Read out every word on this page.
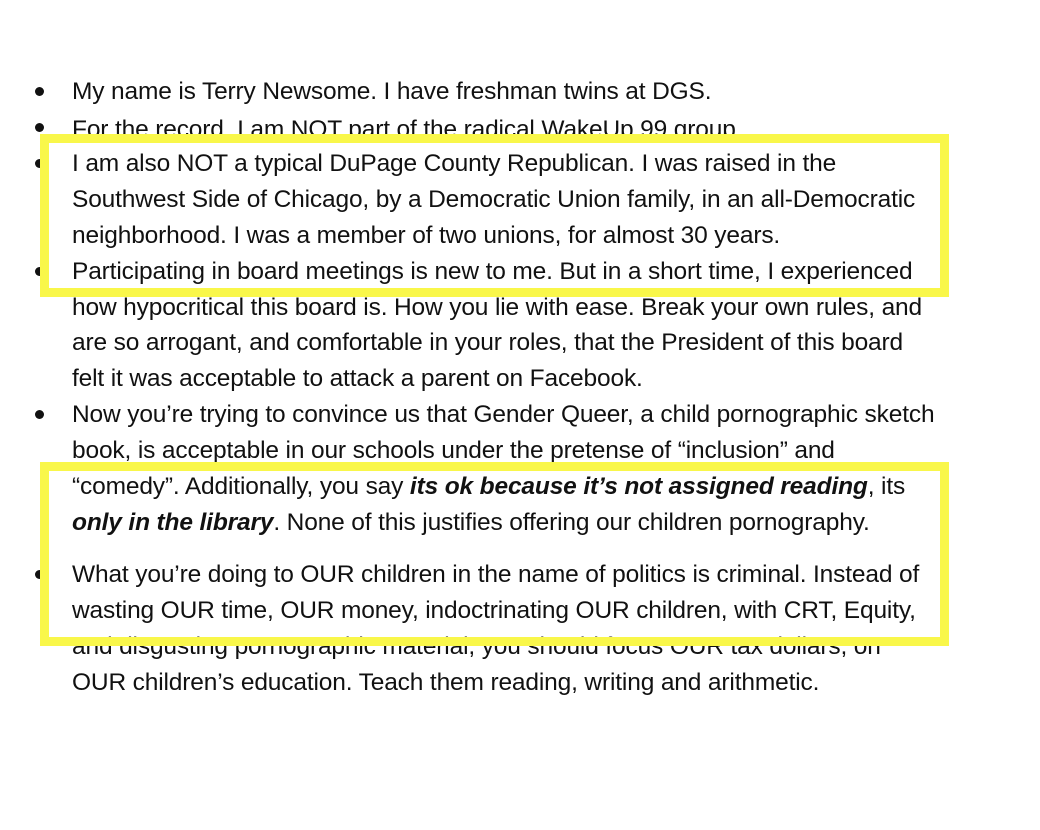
My name is Terry Newsome. I have freshman twins at DGS.
For the record, I am NOT part of the radical WakeUp 99 group.
I am also NOT a typical DuPage County Republican. I was raised in the Southwest Side of Chicago, by a Democratic Union family, in an all-Democratic neighborhood. I was a member of two unions, for almost 30 years.
Participating in board meetings is new to me. But in a short time, I experienced how hypocritical this board is. How you lie with ease. Break your own rules, and are so arrogant, and comfortable in your roles, that the President of this board felt it was acceptable to attack a parent on Facebook.
Now you’re trying to convince us that Gender Queer, a child pornographic sketch book, is acceptable in our schools under the pretense of “inclusion” and “comedy”. Additionally, you say its ok because it’s not assigned reading, its only in the library. None of this justifies offering our children pornography.
What you’re doing to OUR children in the name of politics is criminal. Instead of wasting OUR time, OUR money, indoctrinating OUR children, with CRT, Equity, and disgusting pornographic material, you should focus OUR tax dollars, on OUR children’s education. Teach them reading, writing and arithmetic.
